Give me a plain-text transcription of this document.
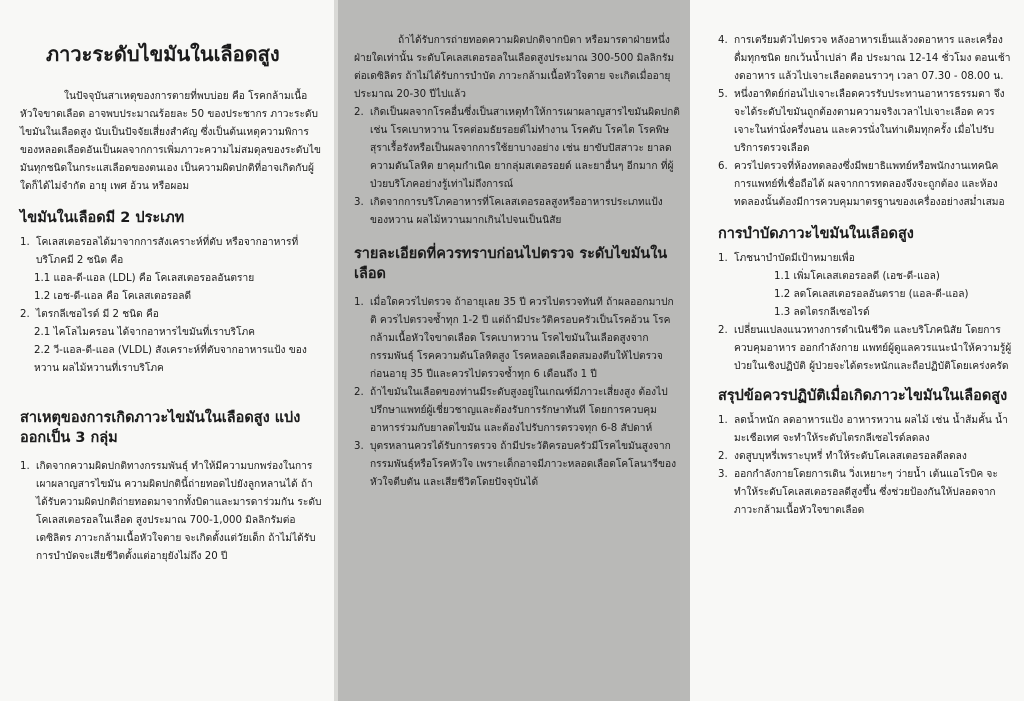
ภาวะระดับไขมันในเลือดสูง

ในปัจจุบันสาเหตุของการตายที่พบบ่อย คือ โรคกล้ามเนื้อ หัวใจขาดเลือด อาจพบประมาณร้อยละ 50 ของประชากร ภาวะระดับไขมันในเลือดสูง นับเป็นปัจจัยเสี่ยงสำคัญ ซึ่งเป็นต้นเหตุความพิการของหลอดเลือดอันเป็นผลจากการเพิ่มภาวะความไม่สมดุลของระดับไขมันทุกชนิดในกระแสเลือดของตนเอง เป็นความผิดปกติที่อาจเกิดกับผู้ใดก็ได้ไม่จำกัด อายุ เพศ อ้วน หรือผอม

ไขมันในเลือดมี 2 ประเภท
1. โคเลสเตอรอลได้มาจากการสังเคราะห์ที่ตับ หรือจากอาหารที่บริโภคมี 2 ชนิด คือ
1.1 แอล-ดี-แอล (LDL) คือ โคเลสเตอรอลอันตราย
1.2 เอช-ดี-แอล คือ โคเลสเตอรอลดี
2. ไตรกลีเซอไรด์ มี 2 ชนิด คือ
2.1 ไคโลไมครอน ได้จากอาหารไขมันที่เราบริโภค
2.2 วี-แอล-ดี-แอล (VLDL) สังเคราะห์ที่ตับจากอาหารแป้ง ของหวาน ผลไม้หวานที่เราบริโภค
สาเหตุของการเกิดภาวะไขมันในเลือดสูง แบ่งออกเป็น 3 กลุ่ม
1. เกิดจากความผิดปกติทางกรรมพันธุ์ ทำให้มีความบกพร่องในการเผาผลาญสารไขมัน ความผิดปกตินี้ถ่ายทอดไปยังลูกหลานได้ ถ้าได้รับความผิดปกติถ่ายทอดมาจากทั้งบิดาและมารดาร่วมกัน ระดับโคเลสเตอรอลในเลือด สูงประมาณ 700-1,000 มิลลิกรัมต่อเดซิลิตร ภาวะกล้ามเนื้อหัวใจตาย จะเกิดตั้งแต่วัยเด็ก ถ้าไม่ได้รับการบำบัดจะเสียชีวิตตั้งแต่อายุยังไม่ถึง 20 ปี

ถ้าได้รับการถ่ายทอดความผิดปกติจากบิดา หรือมารดาฝ่ายหนึ่งฝ่ายใดเท่านั้น ระดับโคเลสเตอรอลในเลือดสูงประมาณ 300-500 มิลลิกรัมต่อเดซิลิตร ถ้าไม่ได้รับการบำบัด ภาวะกล้ามเนื้อหัวใจตาย จะเกิดเมื่ออายุประมาณ 20-30 ปีไปแล้ว

2. เกิดเป็นผลจากโรคอื่นซึ่งเป็นสาเหตุทำให้การเผาผลาญสารไขมันผิดปกติ เช่น โรคเบาหวาน โรคต่อมธัยรอยด์ไม่ทำงาน โรคตับ โรคไต โรคพิษสุราเรื้อรังหรือเป็นผลจากการใช้ยาบางอย่าง เช่น ยาขับปัสสาวะ ยาลดความดันโลหิต ยาคุมกำเนิด ยากลุ่มสเตอรอยด์ และยาอื่นๆ อีกมาก ที่ผู้ป่วยบริโภคอย่างรู้เท่าไม่ถึงการณ์
3. เกิดจากการบริโภคอาหารที่โคเลสเตอรอลสูงหรืออาหารประเภทแป้ง ของหวาน ผลไม้หวานมากเกินไปจนเป็นนิสัย
รายละเอียดที่ควรทราบก่อนไปตรวจ ระดับไขมันในเลือด
1. เมื่อใดควรไปตรวจ ถ้าอายุเลย 35 ปี ควรไปตรวจทันที ถ้าผลออกมาปกติ ควรไปตรวจซ้ำทุก 1-2 ปี แต่ถ้ามีประวัติครอบครัวเป็นโรคอ้วน โรคกล้ามเนื้อหัวใจขาดเลือด โรคเบาหวาน โรคไขมันในเลือดสูงจากกรรมพันธุ์ โรคความดันโลหิตสูง โรคหลอดเลือดสมองตีบให้ไปตรวจก่อนอายุ 35 ปีและควรไปตรวจซ้ำทุก 6 เดือนถึง 1 ปี
2. ถ้าไขมันในเลือดของท่านมีระดับสูงอยู่ในเกณฑ์มีภาวะเสี่ยงสูง ต้องไปปรึกษาแพทย์ผู้เชี่ยวชาญและต้องรับการรักษาทันที โดยการควบคุมอาหารร่วมกับยาลดไขมัน และต้องไปรับการตรวจทุก 6-8 สัปดาห์
3. บุตรหลานควรได้รับการตรวจ ถ้ามีประวัติครอบครัวมีโรคไขมันสูงจากกรรมพันธุ์หรือโรคหัวใจ เพราะเด็กอาจมีภาวะหลอดเลือดโคโลนารีของหัวใจตีบตัน และเสียชีวิตโดยปัจจุบันได้
4. การเตรียมตัวไปตรวจ หลังอาหารเย็นแล้วงดอาหาร และเครื่องดื่มทุกชนิด ยกเว้นน้ำเปล่า คือ ประมาณ 12-14 ชั่วโมง ตอนเช้างดอาหาร แล้วไปเจาะเลือดตอนราวๆ เวลา 07.30 - 08.00 น.
5. หนึ่งอาทิตย์ก่อนไปเจาะเลือดควรรับประทานอาหารธรรมดา จึงจะได้ระดับไขมันถูกต้องตามความจริงเวลาไปเจาะเลือด ควรเจาะในท่านั่งครึ่งนอน และควรนั่งในท่าเดิมทุกครั้ง เมื่อไปรับบริการตรวจเลือด
6. ควรไปตรวจที่ห้องทดลองซึ่งมีพยาธิแพทย์หรือพนักงานเทคนิคการแพทย์ที่เชื่อถือได้ ผลจากการทดลองจึงจะถูกต้อง และห้องทดลองนั้นต้องมีการควบคุมมาตรฐานของเครื่องอย่างสม่ำเสมอ
การบำบัดภาวะไขมันในเลือดสูง
1. โภชนาบำบัดมีเป้าหมายเพื่อ
1.1 เพิ่มโคเลสเตอรอลดี (เอช-ดี-แอล)
1.2 ลดโคเลสเตอรอลอันตราย (แอล-ดี-แอล)
1.3 ลดไตรกลีเซอไรด์
2. เปลี่ยนแปลงแนวทางการดำเนินชีวิต และบริโภคนิสัย โดยการควบคุมอาหาร ออกกำลังกาย แพทย์ผู้ดูแลควรแนะนำให้ความรู้ผู้ป่วยในเชิงปฏิบัติ ผู้ป่วยจะได้ตระหนักและถือปฏิบัติโดยเคร่งครัด
สรุปข้อควรปฏิบัติเมื่อเกิดภาวะไขมันในเลือดสูง
1. ลดน้ำหนัก ลดอาหารแป้ง อาหารหวาน ผลไม้ เช่น น้ำส้มคั้น น้ำมะเชือเทศ จะทำให้ระดับไตรกลีเซอไรด์ลดลง
2. งดสูบบุหรี่เพราะบุหรี่ ทำให้ระดับโคเลสเตอรอลดีลดลง
3. ออกกำลังกายโดยการเดิน วิ่งเหยาะๆ ว่ายน้ำ เต้นแอโรบิค จะทำให้ระดับโคเลสเตอรอลดีสูงขึ้น ซึ่งช่วยป้องกันให้ปลอดจากภาวะกล้ามเนื้อหัวใจขาดเลือด
